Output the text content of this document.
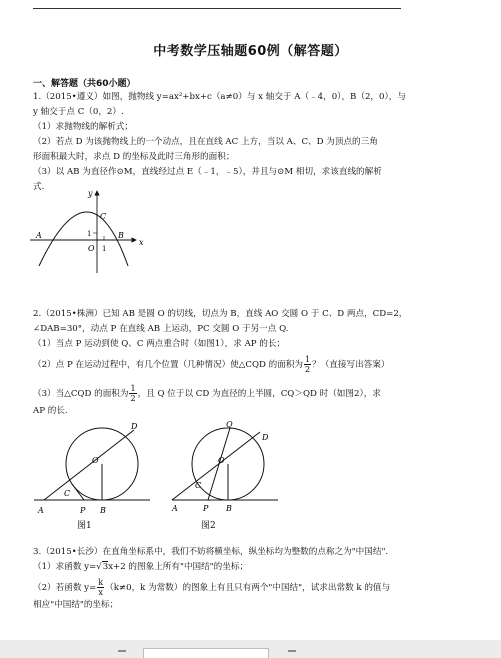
中考数学压轴题60例（解答题）
一、解答题（共60小题）
1.（2015•遵义）如图，抛物线 y=ax²+bx+c（a≠0）与 x 轴交于 A（﹣4，0），B（2，0），与
y 轴交于点 C（0，2）.
（1）求抛物线的解析式；
（2）若点 D 为该抛物线上的一个动点，且在直线 AC 上方，当以 A、C、D 为顶点的三角
形面积最大时，求点 D 的坐标及此时三角形的面积；
（3）以 AB 为直径作⊙M，直线经过点 E（﹣1，﹣5），并且与⊙M 相切，求该直线的解析
式.
y
x
C
A	B
O
1
1
2.（2015•株洲）已知 AB 是圆 O 的切线，切点为 B，直线 AO 交圆 O 于 C、D 两点，CD=2，
∠DAB=30°，动点 P 在直线 AB 上运动，PC 交圆 O 于另一点 Q.
（1）当点 P 运动到使 Q、C 两点重合时（如图1），求 AP 的长；
（2）点 P 在运动过程中，有几个位置（几种情况）使△CQD 的面积为 $\frac{1}{2}$ ？（直接写出答案）
（3）当△CQD 的面积为 $\frac{1}{2}$ ，且 Q 位于以 CD 为直径的上半圆，CQ＞QD 时（如图2），求
AP 的长.
D
O
C
A	P B
图1
Q
D
O
C
A	P B
图2
3.（2015•长沙）在直角坐标系中，我们不妨将横坐标，纵坐标均为整数的点称之为"中国结".
（1）求函数 y=√3x+2 的图象上所有"中国结"的坐标；
（2）若函数 $y= \frac{k}{x} (k\ne 0$，k 为常数）的图象上有且只有两个"中国结"，试求出常数 k 的值与
相应"中国结"的坐标；
